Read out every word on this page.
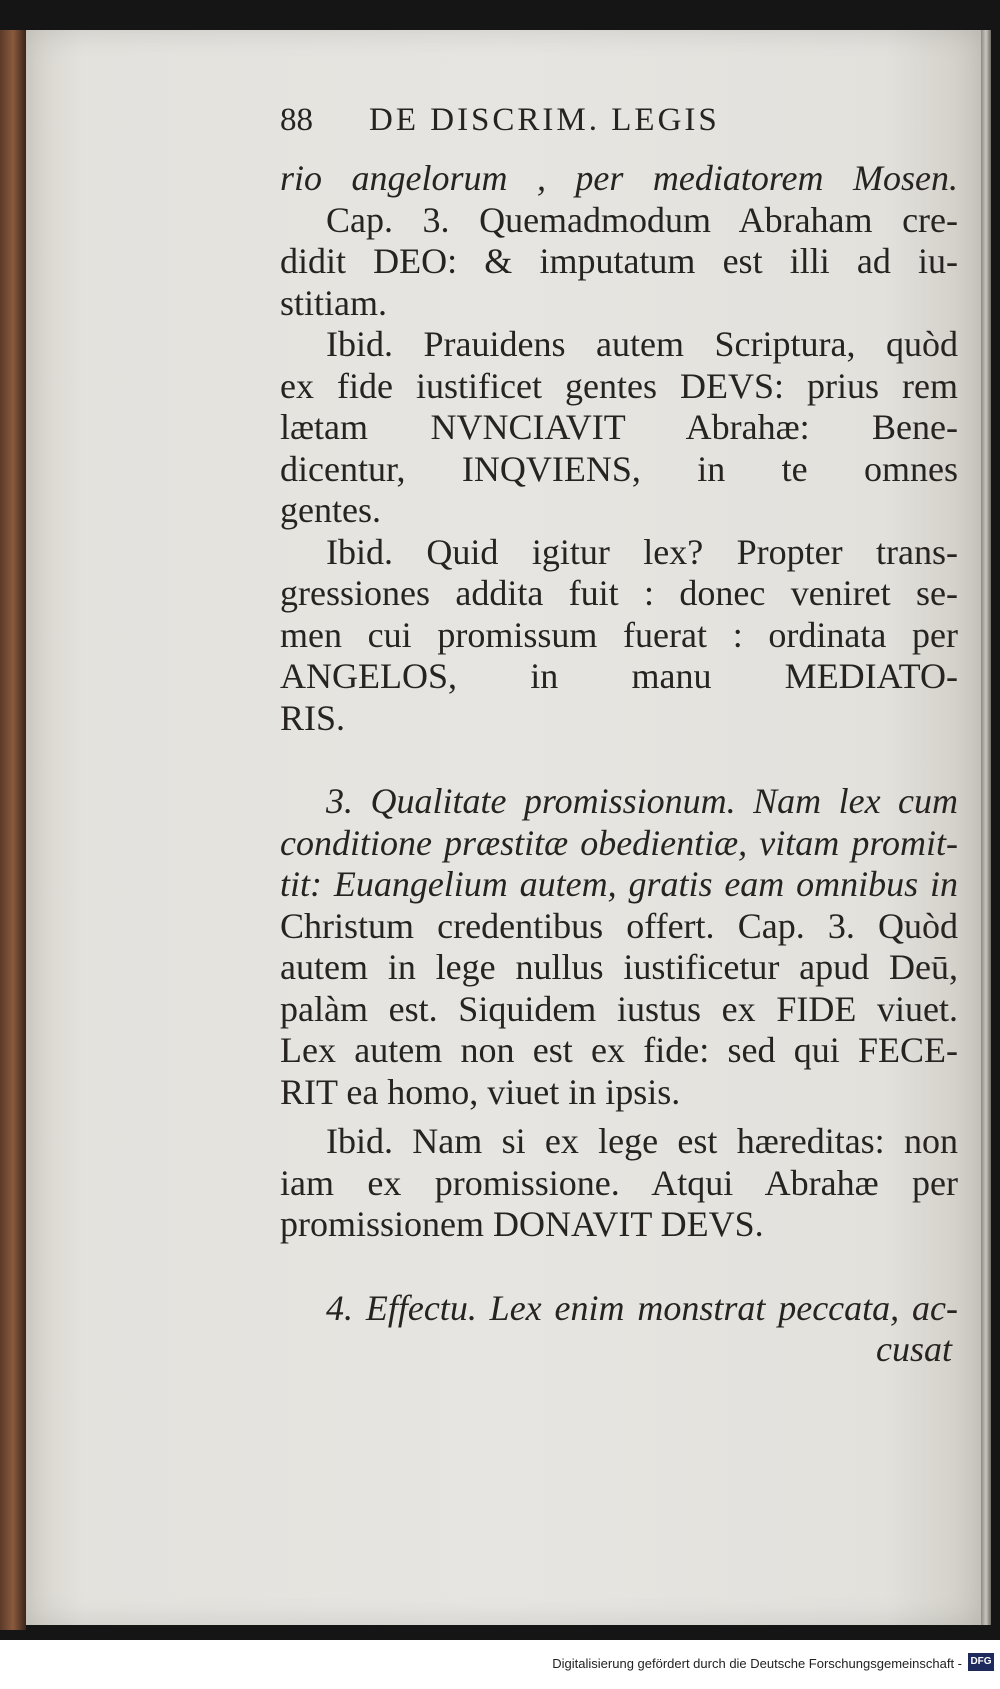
88 DE DISCRIM. LEGIS
rio angelorum , per mediatorem Mosen.
Cap. 3. Quemadmodum Abraham cre-
didit DEO: & imputatum est illi ad iu-
stitiam.
Ibid. Prauidens autem Scriptura, quòd
ex fide iustificet gentes DEVS: prius rem
lætam NVNCIAVIT Abrahæ: Bene-
dicentur, INQVIENS, in te omnes
gentes.
Ibid. Quid igitur lex? Propter trans-
gressiones addita fuit : donec veniret se-
men cui promissum fuerat : ordinata per
ANGELOS, in manu MEDIATO-
RIS.
3. Qualitate promissionum. Nam lex cum
conditione præstitæ obedientiæ, vitam promit-
tit: Euangelium autem, gratis eam omnibus in
Christum credentibus offert. Cap. 3. Quòd
autem in lege nullus iustificetur apud Deū,
palàm est. Siquidem iustus ex FIDE viuet.
Lex autem non est ex fide: sed qui FECE-
RIT ea homo, viuet in ipsis.
Ibid. Nam si ex lege est hæreditas: non
iam ex promissione. Atqui Abrahæ per
promissionem DONAVIT DEVS.
4. Effectu. Lex enim monstrat peccata, ac-
cusat
Digitalisierung gefördert durch die Deutsche Forschungsgemeinschaft - DFG
